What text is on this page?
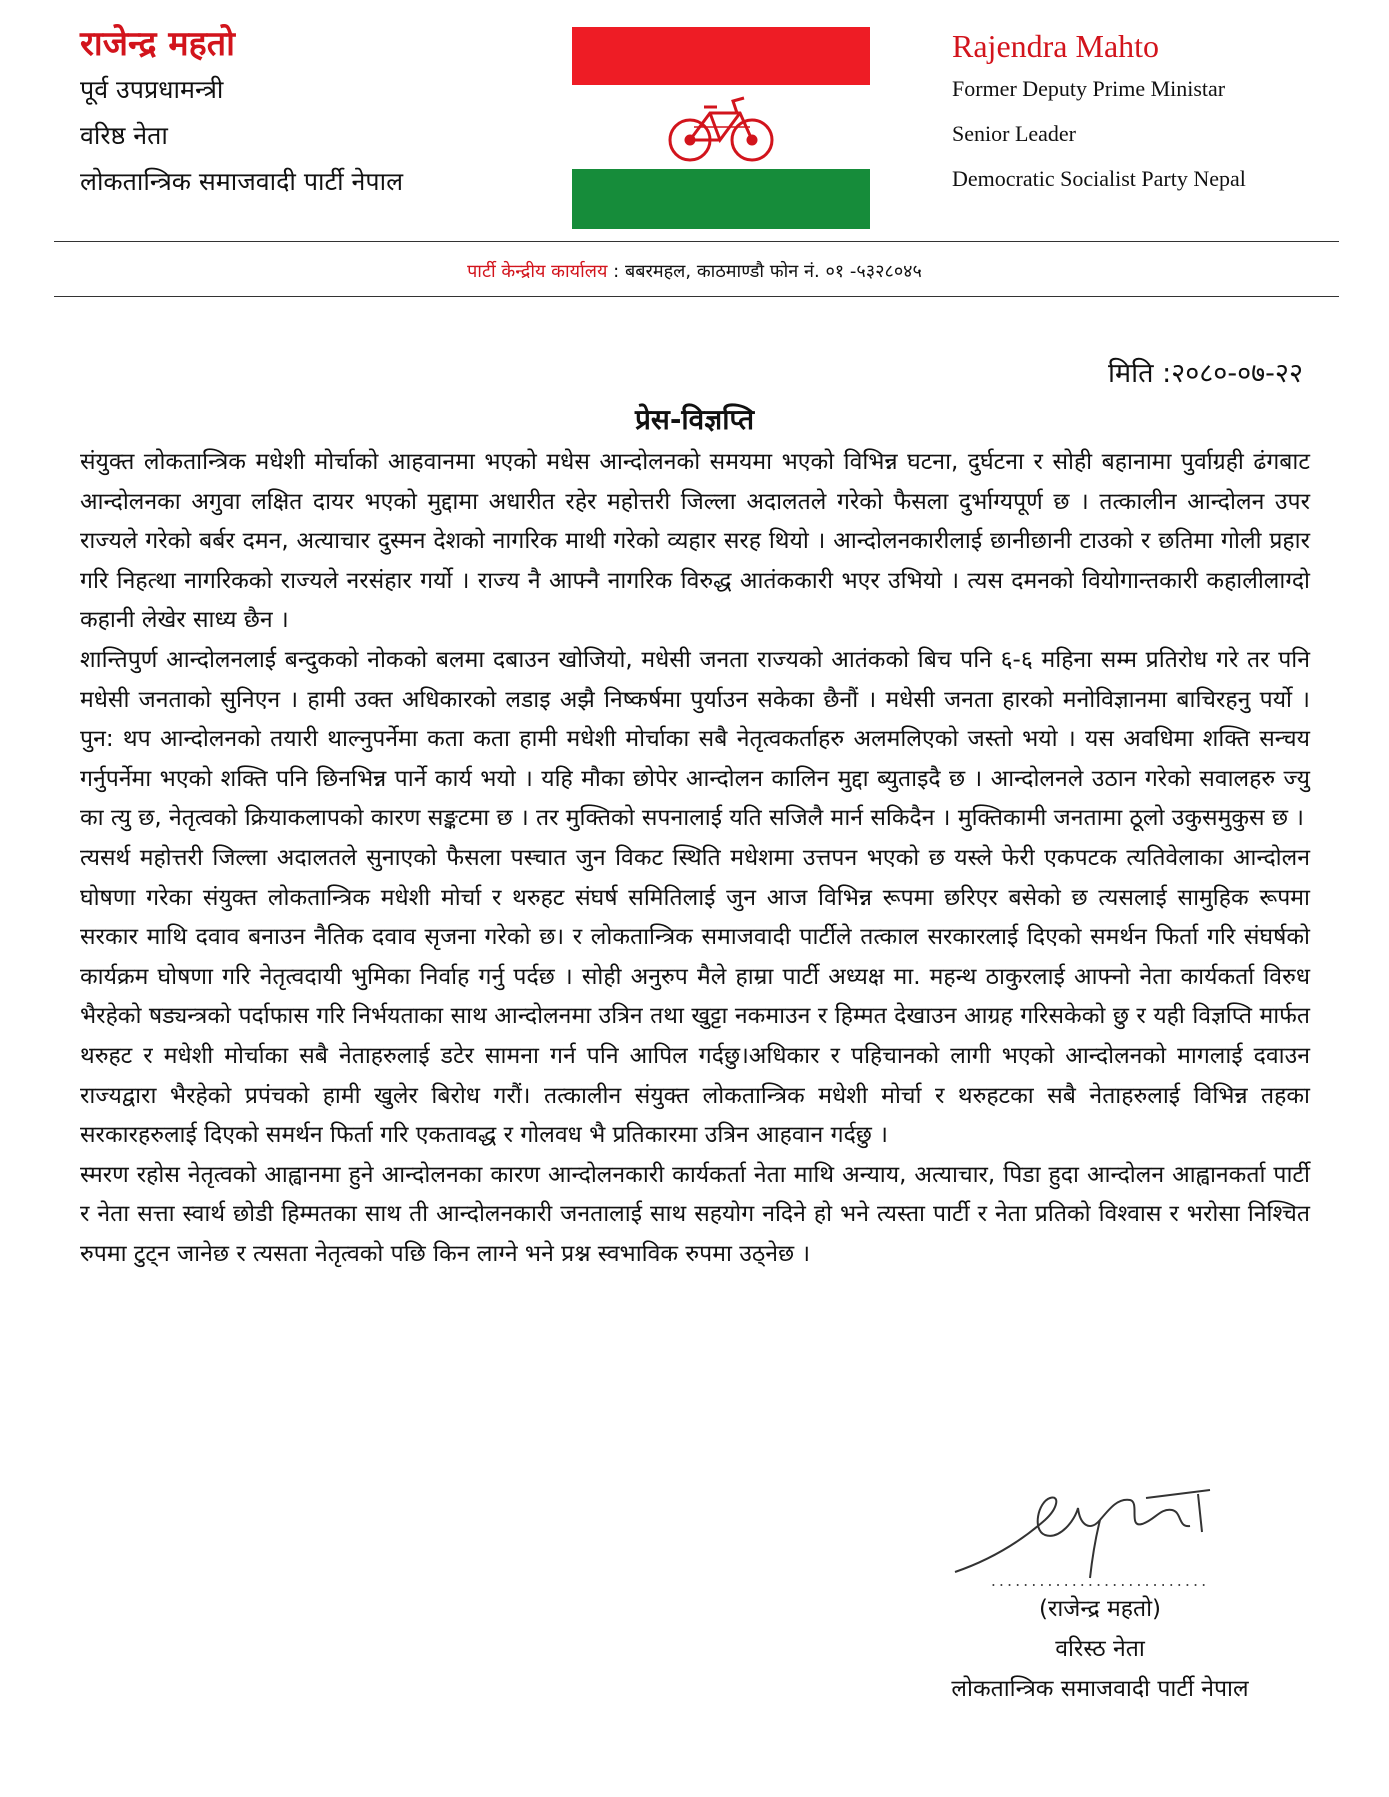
राजेन्द्र महतो
पूर्व उपप्रधामन्त्री
वरिष्ठ नेता
लोकतान्त्रिक समाजवादी पार्टी नेपाल
Rajendra Mahto
Former Deputy Prime Ministar
Senior Leader
Democratic Socialist Party Nepal
पार्टी केन्द्रीय कार्यालय : बबरमहल, काठमाण्डौ फोन नं. ०१ -५३२८०४५
मिति :२०८०-०७-२२
प्रेस-विज्ञप्ति

संयुक्त लोकतान्त्रिक मधेशी मोर्चाको आहवानमा भएको मधेस आन्दोलनको समयमा भएको विभिन्न घटना, दुर्घटना र सोही बहानामा पुर्वाग्रही ढंगबाट आन्दोलनका अगुवा लक्षित दायर भएको मुद्दामा अधारीत रहेर महोत्तरी जिल्ला अदालतले गरेको फैसला दुर्भाग्यपूर्ण छ । तत्कालीन आन्दोलन उपर राज्यले गरेको बर्बर दमन, अत्याचार दुस्मन देशको नागरिक माथी गरेको व्यहार सरह थियो । आन्दोलनकारीलाई छानीछानी टाउको र छतिमा गोली प्रहार गरि निहत्था नागरिकको राज्यले नरसंहार गर्यो । राज्य नै आफ्नै नागरिक विरुद्ध आतंककारी भएर उभियो । त्यस दमनको वियोगान्तकारी कहालीलाग्दो कहानी लेखेर साध्य छैन ।

शान्तिपुर्ण आन्दोलनलाई बन्दुकको नोकको बलमा दबाउन खोजियो, मधेसी जनता राज्यको आतंकको बिच पनि ६-६ महिना सम्म प्रतिरोध गरे तर पनि मधेसी जनताको सुनिएन । हामी उक्त अधिकारको लडाइ अझै निष्कर्षमा पुर्याउन सकेका छैनौं । मधेसी जनता हारको मनोविज्ञानमा बाचिरहनु पर्यो । पुन: थप आन्दोलनको तयारी थाल्नुपर्नेमा कता कता हामी मधेशी मोर्चाका सबै नेतृत्वकर्ताहरु अलमलिएको जस्तो भयो । यस अवधिमा शक्ति सन्चय गर्नुपर्नेमा भएको शक्ति पनि छिनभिन्न पार्ने कार्य भयो । यहि मौका छोपेर आन्दोलन कालिन मुद्दा ब्युताइदै छ । आन्दोलनले उठान गरेको सवालहरु ज्यु का त्यु छ, नेतृत्वको क्रियाकलापको कारण सङ्कटमा छ । तर मुक्तिको सपनालाई यति सजिलै मार्न सकिदैन । मुक्तिकामी जनतामा ठूलो उकुसमुकुस छ ।

त्यसर्थ महोत्तरी जिल्ला अदालतले सुनाएको फैसला पस्चात जुन विकट स्थिति मधेशमा उत्तपन भएको छ यस्ले फेरी एकपटक त्यतिवेलाका आन्दोलन घोषणा गरेका संयुक्त लोकतान्त्रिक मधेशी मोर्चा र थरुहट संघर्ष समितिलाई जुन आज विभिन्न रूपमा छरिएर बसेको छ त्यसलाई सामुहिक रूपमा सरकार माथि दवाव बनाउन नैतिक दवाव सृजना गरेको छ। र लोकतान्त्रिक समाजवादी पार्टीले तत्काल सरकारलाई दिएको समर्थन फिर्ता गरि संघर्षको कार्यक्रम घोषणा गरि नेतृत्वदायी भुमिका निर्वाह गर्नु पर्दछ । सोही अनुरुप मैले हाम्रा पार्टी अध्यक्ष मा. महन्थ ठाकुरलाई आफ्नो नेता कार्यकर्ता विरुध भैरहेको षड्यन्त्रको पर्दाफास गरि निर्भयताका साथ आन्दोलनमा उत्रिन तथा खुट्टा नकमाउन र हिम्मत देखाउन आग्रह गरिसकेको छु र यही विज्ञप्ति मार्फत थरुहट र मधेशी मोर्चाका सबै नेताहरुलाई डटेर सामना गर्न पनि आपिल गर्दछु।अधिकार र पहिचानको लागी भएको आन्दोलनको मागलाई दवाउन राज्यद्वारा भैरहेको प्रपंचको हामी खुलेर बिरोध गरौं। तत्कालीन संयुक्त लोकतान्त्रिक मधेशी मोर्चा र थरुहटका सबै नेताहरुलाई विभिन्न तहका सरकारहरुलाई दिएको समर्थन फिर्ता गरि एकतावद्ध र गोलवध भै प्रतिकारमा उत्रिन आहवान गर्दछु ।

स्मरण रहोस नेतृत्वको आह्वानमा हुने आन्दोलनका कारण आन्दोलनकारी कार्यकर्ता नेता माथि अन्याय, अत्याचार, पिडा हुदा आन्दोलन आह्वानकर्ता पार्टी र नेता सत्ता स्वार्थ छोडी हिम्मतका साथ ती आन्दोलनकारी जनतालाई साथ सहयोग नदिने हो भने त्यस्ता पार्टी र नेता प्रतिको विश्वास र भरोसा निश्चित रुपमा टुट्न जानेछ र त्यसता नेतृत्वको पछि किन लाग्ने भने प्रश्न स्वभाविक रुपमा उठ्नेछ ।

...........................
(राजेन्द्र महतो)
वरिस्ठ नेता
लोकतान्त्रिक समाजवादी पार्टी नेपाल
